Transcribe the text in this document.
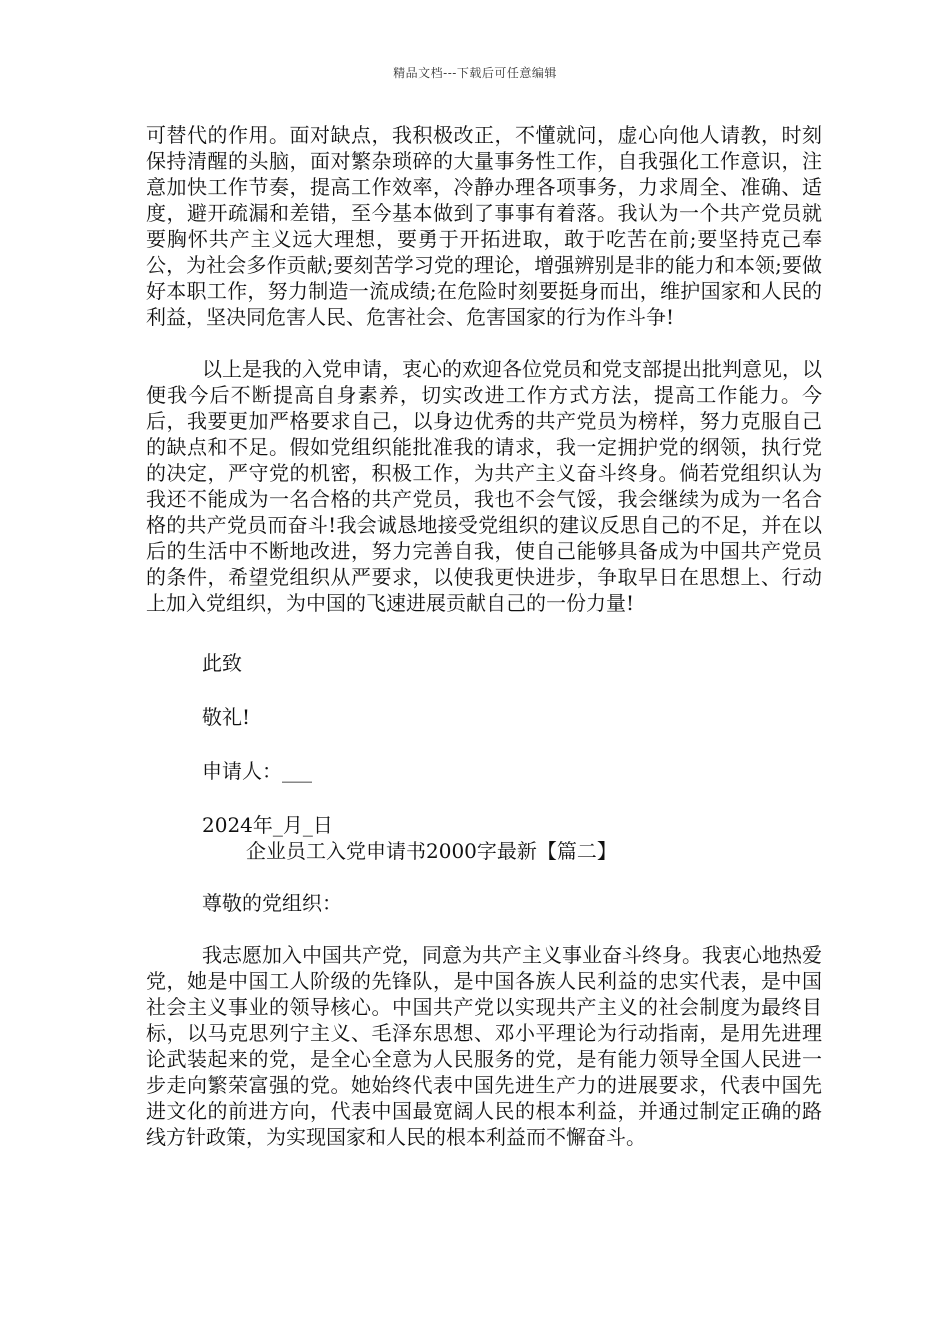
精品文档---下载后可任意编辑

可替代的作用。面对缺点，我积极改正，不懂就问，虚心向他人请教，时刻保持清醒的头脑，面对繁杂琐碎的大量事务性工作，自我强化工作意识，注意加快工作节奏，提高工作效率，冷静办理各项事务，力求周全、准确、适度，避开疏漏和差错，至今基本做到了事事有着落。我认为一个共产党员就要胸怀共产主义远大理想，要勇于开拓进取，敢于吃苦在前;要坚持克己奉公，为社会多作贡献;要刻苦学习党的理论，增强辨别是非的能力和本领;要做好本职工作，努力制造一流成绩;在危险时刻要挺身而出，维护国家和人民的利益，坚决同危害人民、危害社会、危害国家的行为作斗争!

以上是我的入党申请，衷心的欢迎各位党员和党支部提出批判意见，以便我今后不断提高自身素养，切实改进工作方式方法，提高工作能力。今后，我要更加严格要求自己，以身边优秀的共产党员为榜样，努力克服自己的缺点和不足。假如党组织能批准我的请求，我一定拥护党的纲领，执行党的决定，严守党的机密，积极工作，为共产主义奋斗终身。倘若党组织认为我还不能成为一名合格的共产党员，我也不会气馁，我会继续为成为一名合格的共产党员而奋斗!我会诚恳地接受党组织的建议反思自己的不足，并在以后的生活中不断地改进，努力完善自我，使自己能够具备成为中国共产党员的条件，希望党组织从严要求，以使我更快进步，争取早日在思想上、行动上加入党组织，为中国的飞速进展贡献自己的一份力量!

此致

敬礼!

申请人：___

2024年_月_日

企业员工入党申请书2000字最新【篇二】

尊敬的党组织：

我志愿加入中国共产党，同意为共产主义事业奋斗终身。我衷心地热爱党，她是中国工人阶级的先锋队，是中国各族人民利益的忠实代表，是中国社会主义事业的领导核心。中国共产党以实现共产主义的社会制度为最终目标，以马克思列宁主义、毛泽东思想、邓小平理论为行动指南，是用先进理论武装起来的党，是全心全意为人民服务的党，是有能力领导全国人民进一步走向繁荣富强的党。她始终代表中国先进生产力的进展要求，代表中国先进文化的前进方向，代表中国最宽阔人民的根本利益，并通过制定正确的路线方针政策，为实现国家和人民的根本利益而不懈奋斗。
